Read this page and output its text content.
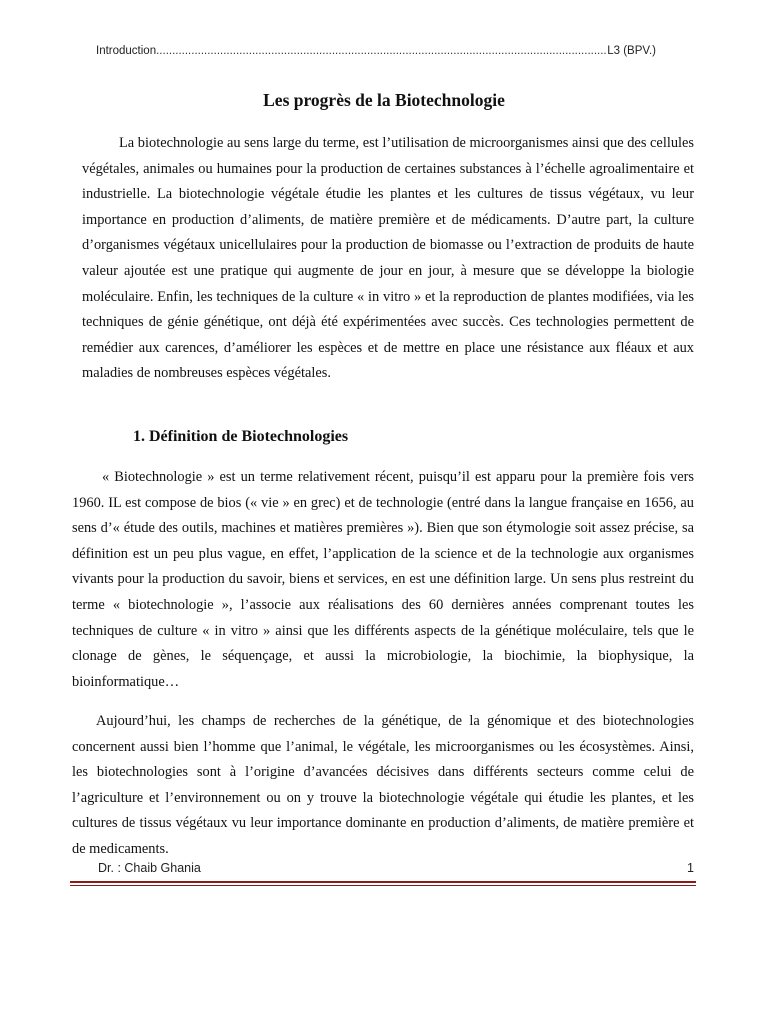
Introduction
.....	L3 (BPV.)
Les progrès de la Biotechnologie

La biotechnologie au sens large du terme, est l’utilisation de microorganismes ainsi que des cellules végétales, animales ou humaines pour la production de certaines substances à l’échelle agroalimentaire et industrielle. La biotechnologie végétale étudie les plantes et les cultures de tissus végétaux, vu leur importance en production d’aliments, de matière première et de médicaments. D’autre part, la culture d’organismes végétaux unicellulaires pour la production de biomasse ou l’extraction de produits de haute valeur ajoutée est une pratique qui augmente de jour en jour, à mesure que se développe la biologie moléculaire. Enfin, les techniques de la culture « in vitro » et la reproduction de plantes modifiées, via les techniques de génie génétique, ont déjà été expérimentées avec succès. Ces technologies permettent de remédier aux carences, d’améliorer les espèces et de mettre en place une résistance aux fléaux et aux maladies de nombreuses espèces végétales.

1. Définition de Biotechnologies

« Biotechnologie » est un terme relativement récent, puisqu’il est apparu pour la première fois vers 1960. IL est compose de bios (« vie » en grec) et de technologie (entré dans la langue française en 1656, au sens d’« étude des outils, machines et matières premières »). Bien que son étymologie soit assez précise, sa définition est un peu plus vague, en effet, l’application de la science et de la technologie aux organismes vivants pour la production du savoir, biens et services, en est une définition large. Un sens plus restreint du terme « biotechnologie », l’associe aux réalisations des 60 dernières années comprenant toutes les techniques de culture « in vitro » ainsi que les différents aspects de la génétique moléculaire, tels que le clonage de gènes, le séquençage, et aussi la microbiologie, la biochimie, la biophysique, la bioinformatique…

Aujourd’hui, les champs de recherches de la génétique, de la génomique et des biotechnologies concernent aussi bien l’homme que l’animal, le végétale, les microorganismes ou les écosystèmes. Ainsi, les biotechnologies sont à l’origine d’avancées décisives dans différents secteurs comme celui de l’agriculture et l’environnement ou on y trouve la biotechnologie végétale qui étudie les plantes, et les cultures de tissus végétaux vu leur importance dominante en production d’aliments, de matière première et de medicaments.

Dr. : Chaib Ghania	1
